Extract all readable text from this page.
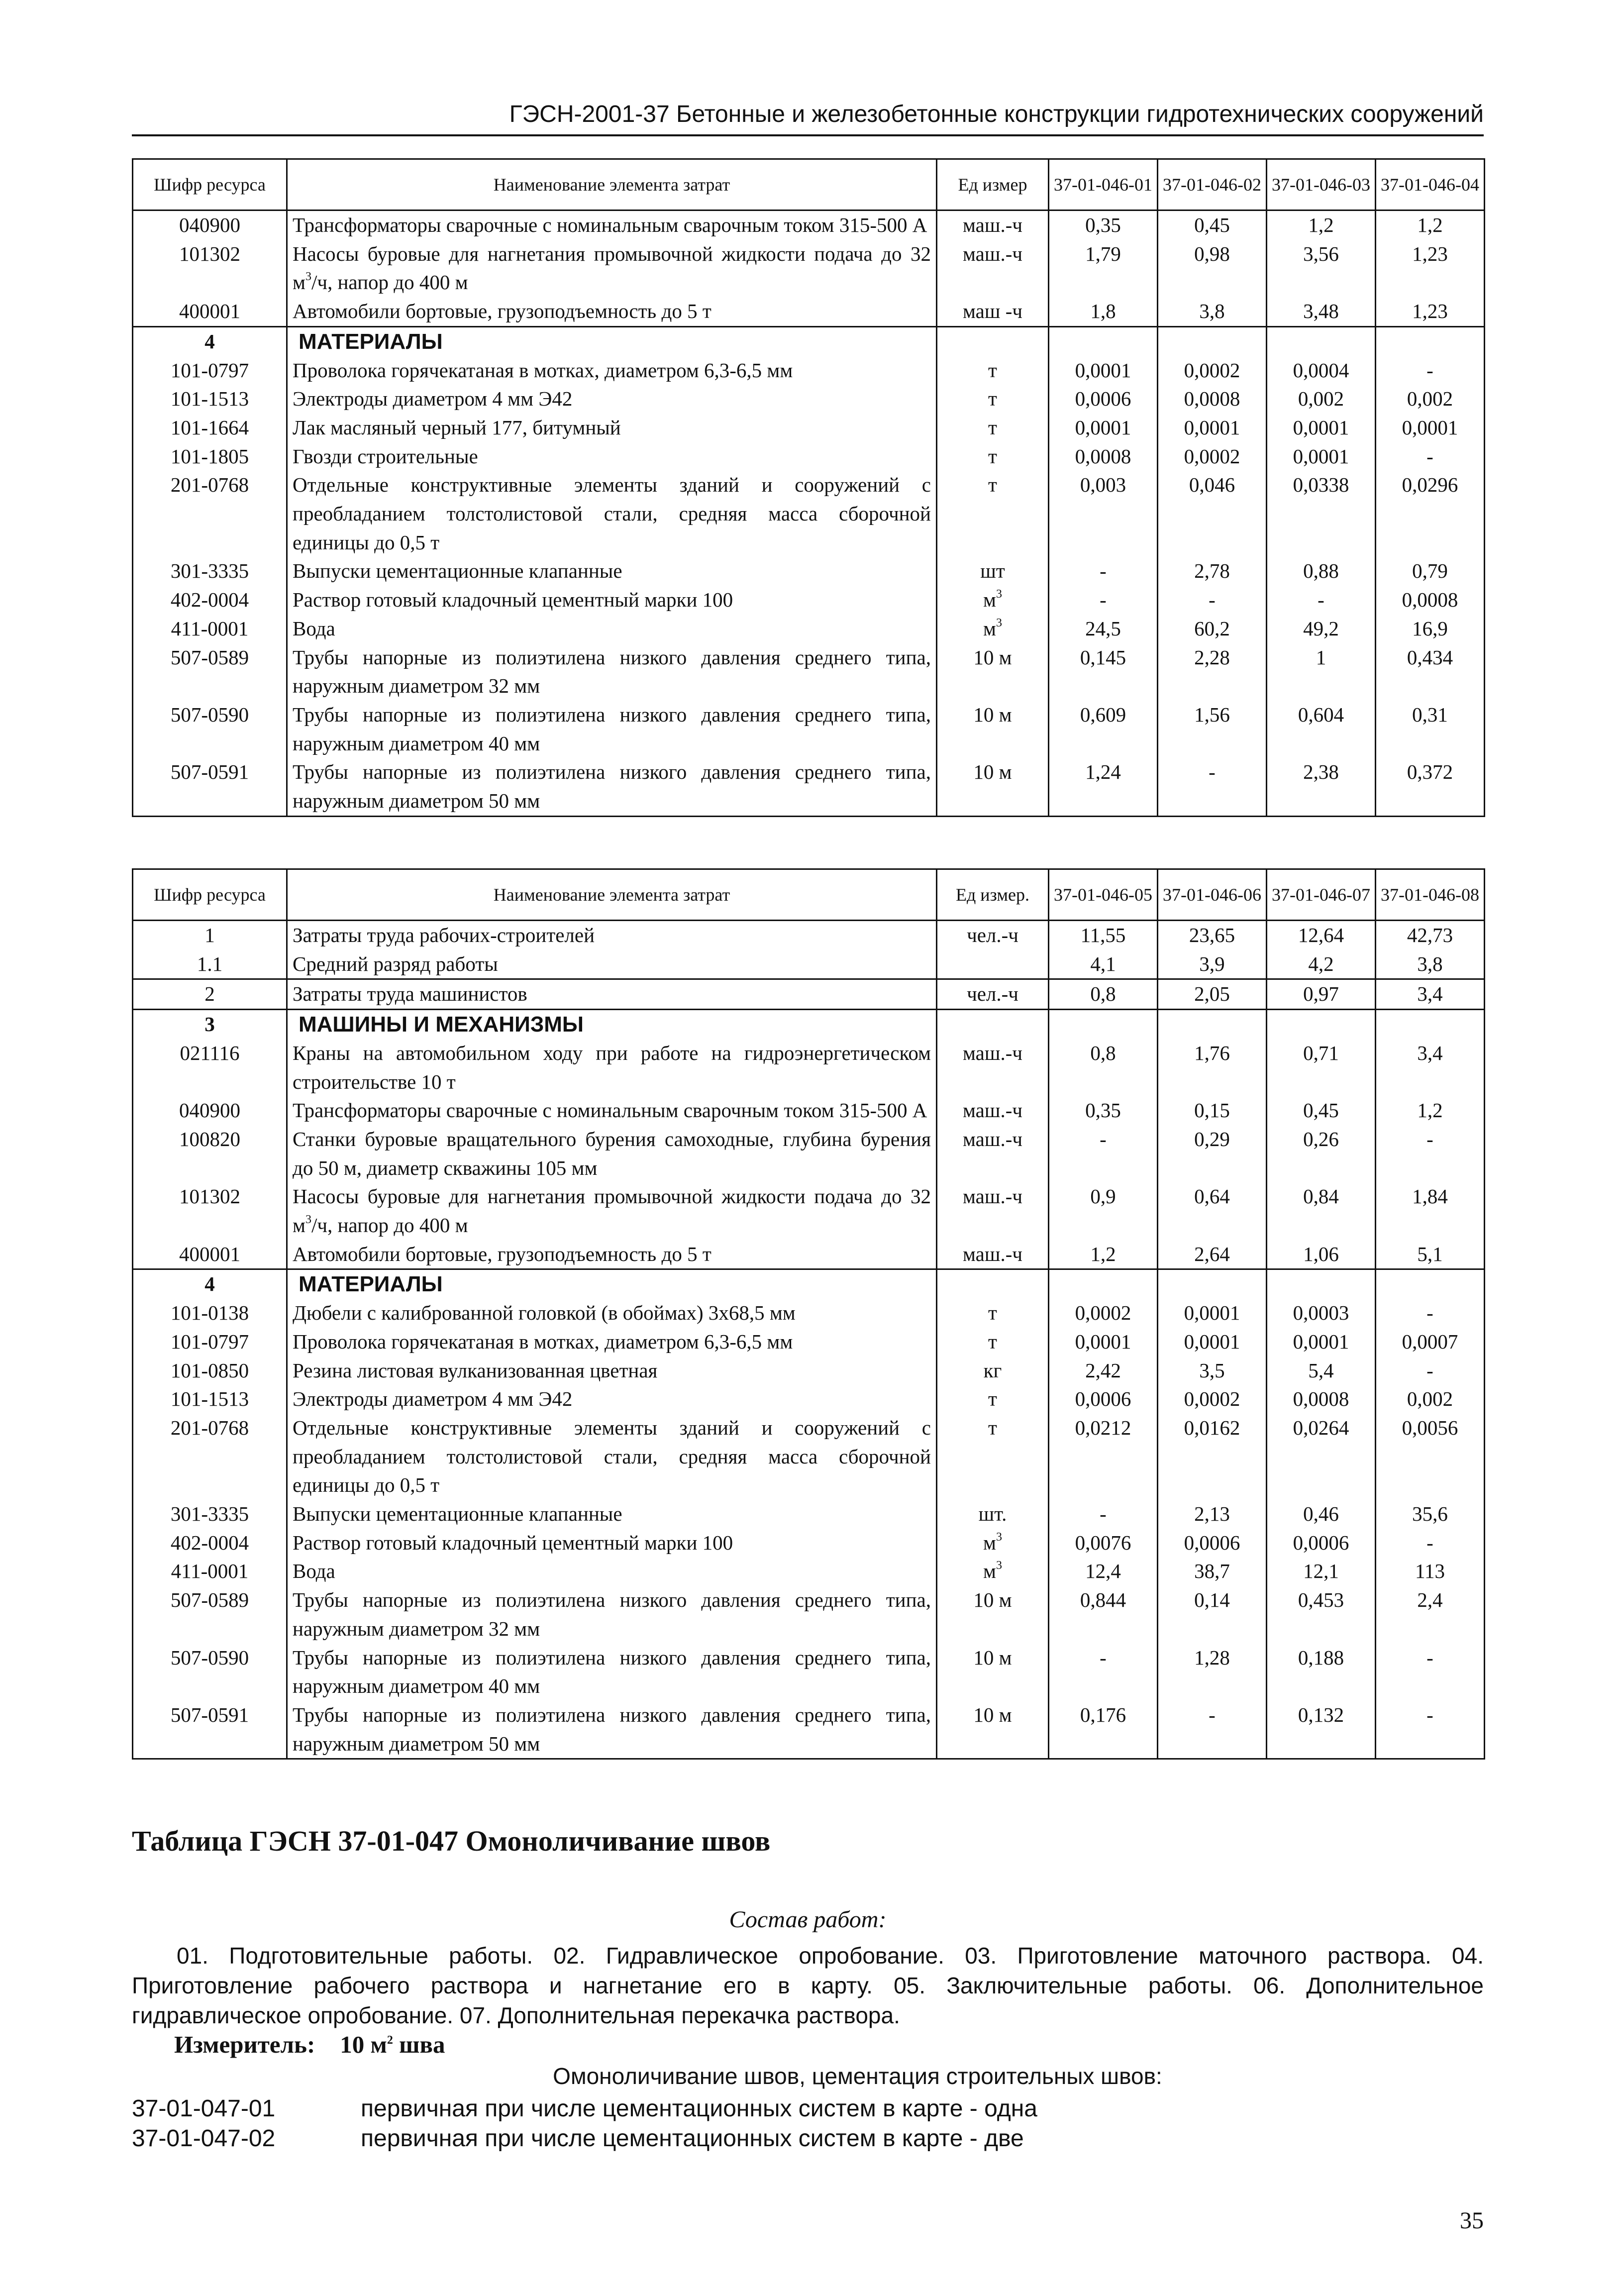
ГЭСН-2001-37 Бетонные и железобетонные конструкции гидротехнических сооружений
Шифр ресурса	Наименование элемента затрат	Ед измер	37-01-046-01	37-01-046-02	37-01-046-03	37-01-046-04
040900	Трансформаторы сварочные с номинальным сварочным током 315-500 А	маш.-ч	0,35	0,45	1,2	1,2
101302	Насосы буровые для нагнетания промывочной жидкости подача до 32 $м^3/ч$, напор до 400 м	маш.-ч	1,79	0,98	3,56	1,23
400001	Автомобили бортовые, грузоподъемность до 5 т	маш -ч	1,8	3,8	3,48	1,23
4	МАТЕРИАЛЫ					
101-0797	Проволока горячекатаная в мотках, диаметром 6,3-6,5 мм	т	0,0001	0,0002	0,0004	-
101-1513	Электроды диаметром 4 мм Э42	т	0,0006	0,0008	0,002	0,002
101-1664	Лак масляный черный 177, битумный	т	0,0001	0,0001	0,0001	0,0001
101-1805	Гвозди строительные	т	0,0008	0,0002	0,0001	-
201-0768	Отдельные конструктивные элементы зданий и сооружений с преобладанием толстолистовой стали, средняя масса сборочной единицы до 0,5 т	т	0,003	0,046	0,0338	0,0296
301-3335	Выпуски цементационные клапанные	шт	-	2,78	0,88	0,79
402-0004	Раствор готовый кладочный цементный марки 100	$м^3$	-	-	-	0,0008
411-0001	Вода	$м^3$	24,5	60,2	49,2	16,9
507-0589	Трубы напорные из полиэтилена низкого давления среднего типа, наружным диаметром 32 мм	10 м	0,145	2,28	1	0,434
507-0590	Трубы напорные из полиэтилена низкого давления среднего типа, наружным диаметром 40 мм	10 м	0,609	1,56	0,604	0,31
507-0591	Трубы напорные из полиэтилена низкого давления среднего типа, наружным диаметром 50 мм	10 м	1,24	-	2,38	0,372
Шифр ресурса	Наименование элемента затрат	Ед измер.	37-01-046-05	37-01-046-06	37-01-046-07	37-01-046-08
1	Затраты труда рабочих-строителей	чел.-ч	11,55	23,65	12,64	42,73
1.1	Средний разряд работы		4,1	3,9	4,2	3,8
2	Затраты труда машинистов	чел.-ч	0,8	2,05	0,97	3,4
3	МАШИНЫ И МЕХАНИЗМЫ					
021116	Краны на автомобильном ходу при работе на гидроэнергетическом строительстве 10 т	маш.-ч	0,8	1,76	0,71	3,4
040900	Трансформаторы сварочные с номинальным сварочным током 315-500 А	маш.-ч	0,35	0,15	0,45	1,2
100820	Станки буровые вращательного бурения самоходные, глубина бурения до 50 м, диаметр скважины 105 мм	маш.-ч	-	0,29	0,26	-
101302	Насосы буровые для нагнетания промывочной жидкости подача до 32 $м^3/ч$, напор до 400 м	маш.-ч	0,9	0,64	0,84	1,84
400001	Автомобили бортовые, грузоподъемность до 5 т	маш.-ч	1,2	2,64	1,06	5,1
4	МАТЕРИАЛЫ					
101-0138	Дюбели с калиброванной головкой (в обоймах) 3х68,5 мм	т	0,0002	0,0001	0,0003	-
101-0797	Проволока горячекатаная в мотках, диаметром 6,3-6,5 мм	т	0,0001	0,0001	0,0001	0,0007
101-0850	Резина листовая вулканизованная цветная	кг	2,42	3,5	5,4	-
101-1513	Электроды диаметром 4 мм Э42	т	0,0006	0,0002	0,0008	0,002
201-0768	Отдельные конструктивные элементы зданий и сооружений с преобладанием толстолистовой стали, средняя масса сборочной единицы до 0,5 т	т	0,0212	0,0162	0,0264	0,0056
301-3335	Выпуски цементационные клапанные	шт.	-	2,13	0,46	35,6
402-0004	Раствор готовый кладочный цементный марки 100	$м^3$	0,0076	0,0006	0,0006	-
411-0001	Вода	$м^3$	12,4	38,7	12,1	113
507-0589	Трубы напорные из полиэтилена низкого давления среднего типа, наружным диаметром 32 мм	10 м	0,844	0,14	0,453	2,4
507-0590	Трубы напорные из полиэтилена низкого давления среднего типа, наружным диаметром 40 мм	10 м	-	1,28	0,188	-
507-0591	Трубы напорные из полиэтилена низкого давления среднего типа, наружным диаметром 50 мм	10 м	0,176	-	0,132	-
Таблица ГЭСН 37-01-047 Омоноличивание швов
Состав работ:
01. Подготовительные работы. 02. Гидравлическое опробование. 03. Приготовление маточного раствора. 04. Приготовление рабочего раствора и нагнетание его в карту. 05. Заключительные работы. 06. Дополнительное гидравлическое опробование. 07. Дополнительная перекачка раствора.
Измеритель: 10 $м^2$ шва
Омоноличивание швов, цементация строительных швов:
37-01-047-01	первичная при числе цементационных систем в карте - одна
37-01-047-02	первичная при числе цементационных систем в карте - две
35
